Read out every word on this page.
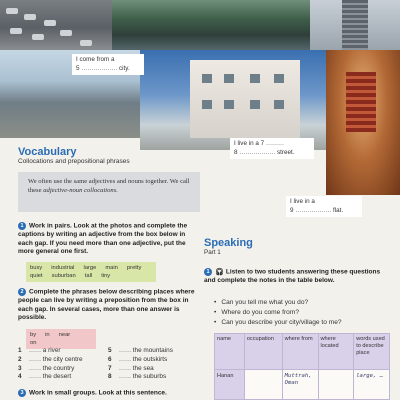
I come from a
5 ……………… city.
I live in a 7 ………
8 ……………… street.
I live in a
9 ……………… flat.
Vocabulary
Collocations and prepositional phrases
We often use the same adjectives and nouns together. We call these adjective-noun collocations.
1 Work in pairs. Look at the photos and complete the captions by writing an adjective from the box below in each gap. If you need more than one adjective, put the more general one first.
busy industrial large main pretty
quiet suburban tall tiny
2 Complete the phrases below describing places where people can live by writing a preposition from the box in each gap. In several cases, more than one answer is possible.
by in nearon
1 …… a river	5 …… the mountains
2 …… the city centre	6 …… the outskirts
3 …… the country	7 …… the sea
4 …… the desert	8 …… the suburbs
3 Work in small groups. Look at this sentence.
Speaking
Part 1
1 🎧︎ Listen to two students answering these questions and complete the notes in the table below.
• Can you tell me what you do?
• Where do you come from?
• Can you describe your city/village to me?
name	occupation	where from	where located	words used to describe place
Hanan		Muttrah, Oman		large, …
